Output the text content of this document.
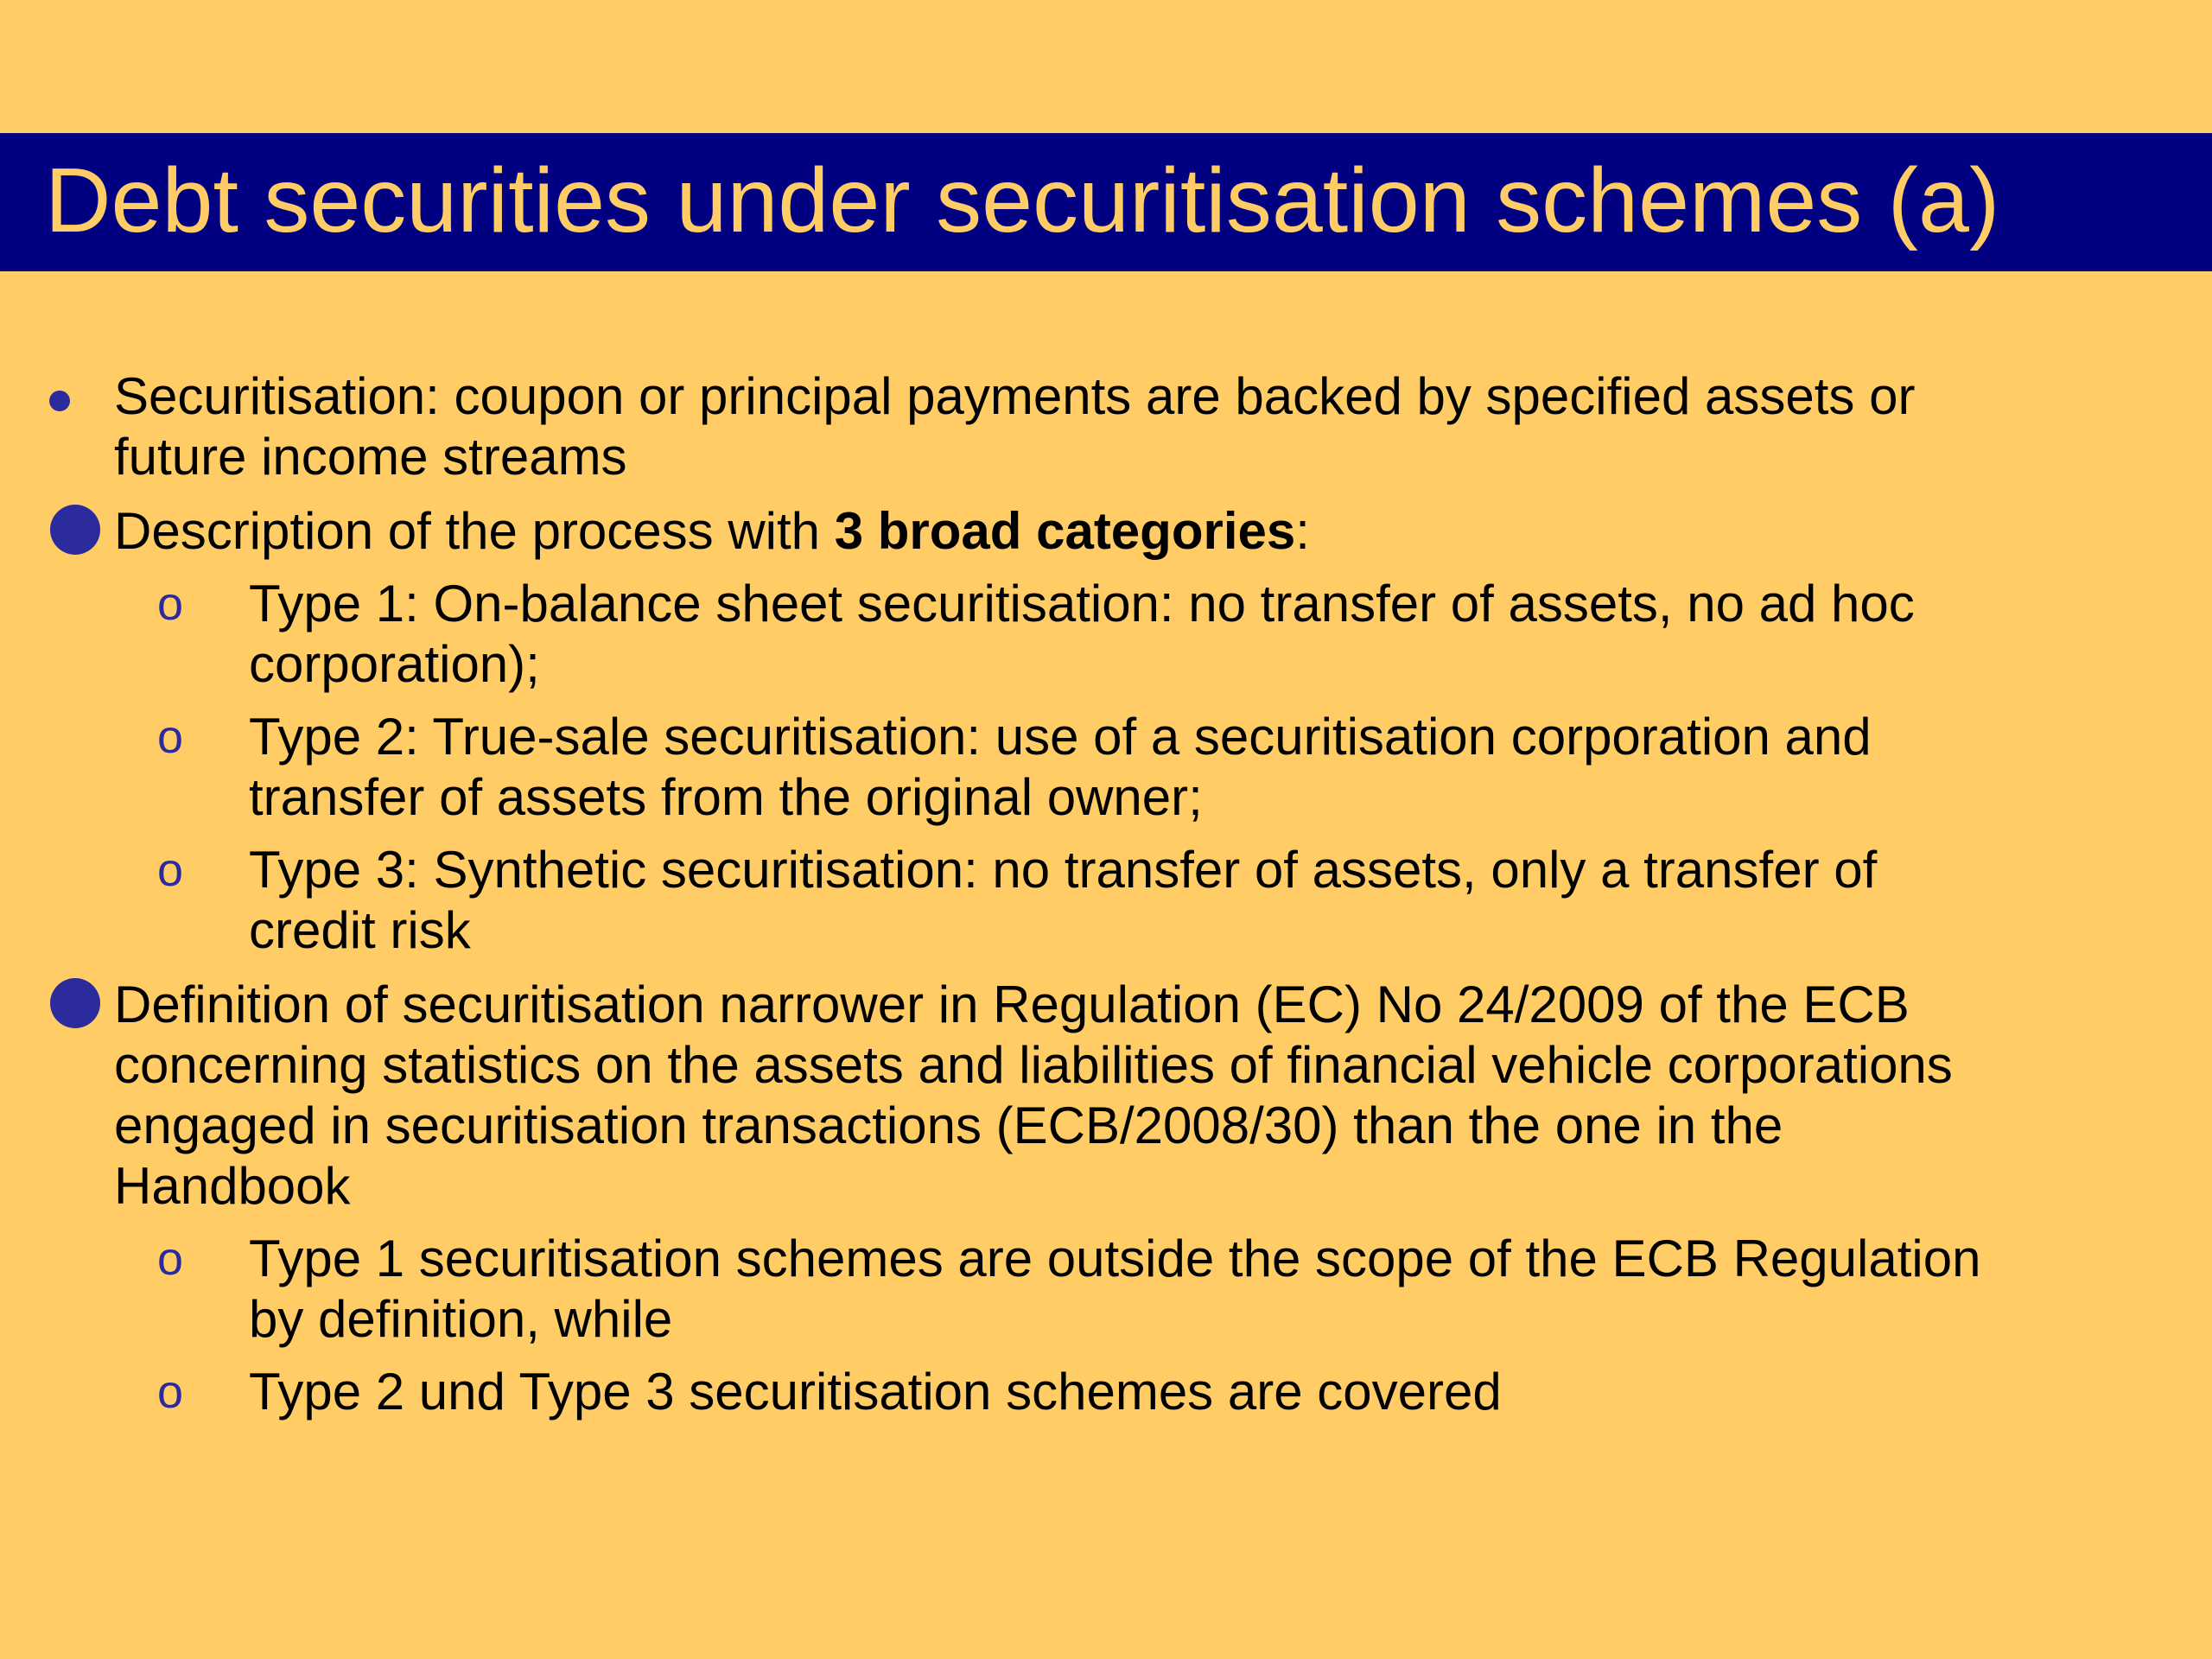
Debt securities under securitisation schemes (a)
Securitisation: coupon or principal payments are backed by specified assets or
future income streams
Description of the process with 3 broad categories:
o Type 1: On-balance sheet securitisation: no transfer of assets, no ad hoc
corporation);
o Type 2: True-sale securitisation: use of a securitisation corporation and
transfer of assets from the original owner;
o Type 3: Synthetic securitisation: no transfer of assets, only a transfer of
credit risk
Definition of securitisation narrower in Regulation (EC) No 24/2009 of the ECB
concerning statistics on the assets and liabilities of financial vehicle corporations
engaged in securitisation transactions (ECB/2008/30) than the one in the
Handbook
o Type 1 securitisation schemes are outside the scope of the ECB Regulation
by definition, while
o Type 2 und Type 3 securitisation schemes are covered
